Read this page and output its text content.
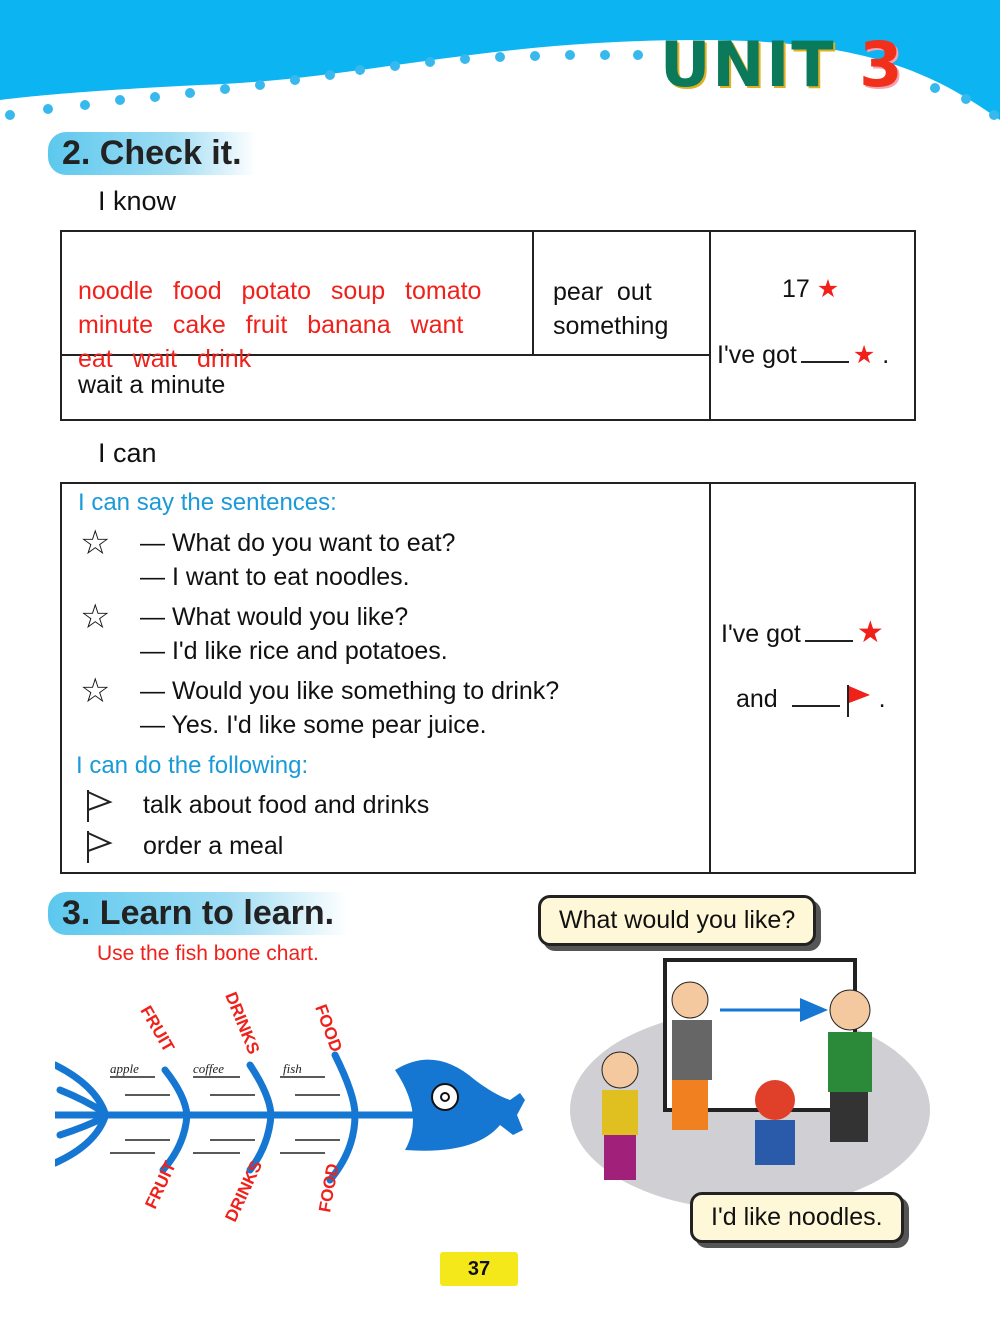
UNIT 3
2. Check it.
I know

noodle  food  potato  soup  tomato
minute  cake  fruit  banana  want
eat  wait  drink

pear  out
something
wait a minute
17 ★
I've got ★ .
I can
I can say the sentences:
☆ — What do you want to eat?
— I want to eat noodles.
☆ — What would you like?
— I'd like rice and potatoes.
☆ — Would you like something to drink?
— Yes. I'd like some pear juice.
I can do the following:
talk about food and drinks
order a meal
I've got ★
and	.
3. Learn to learn.
Use the fish bone chart.
apple	coffee	fish
FRUIT	DRINKS	FOOD
FRUIT DRINKS	FOOD
What would you like?
I'd like noodles.
37
